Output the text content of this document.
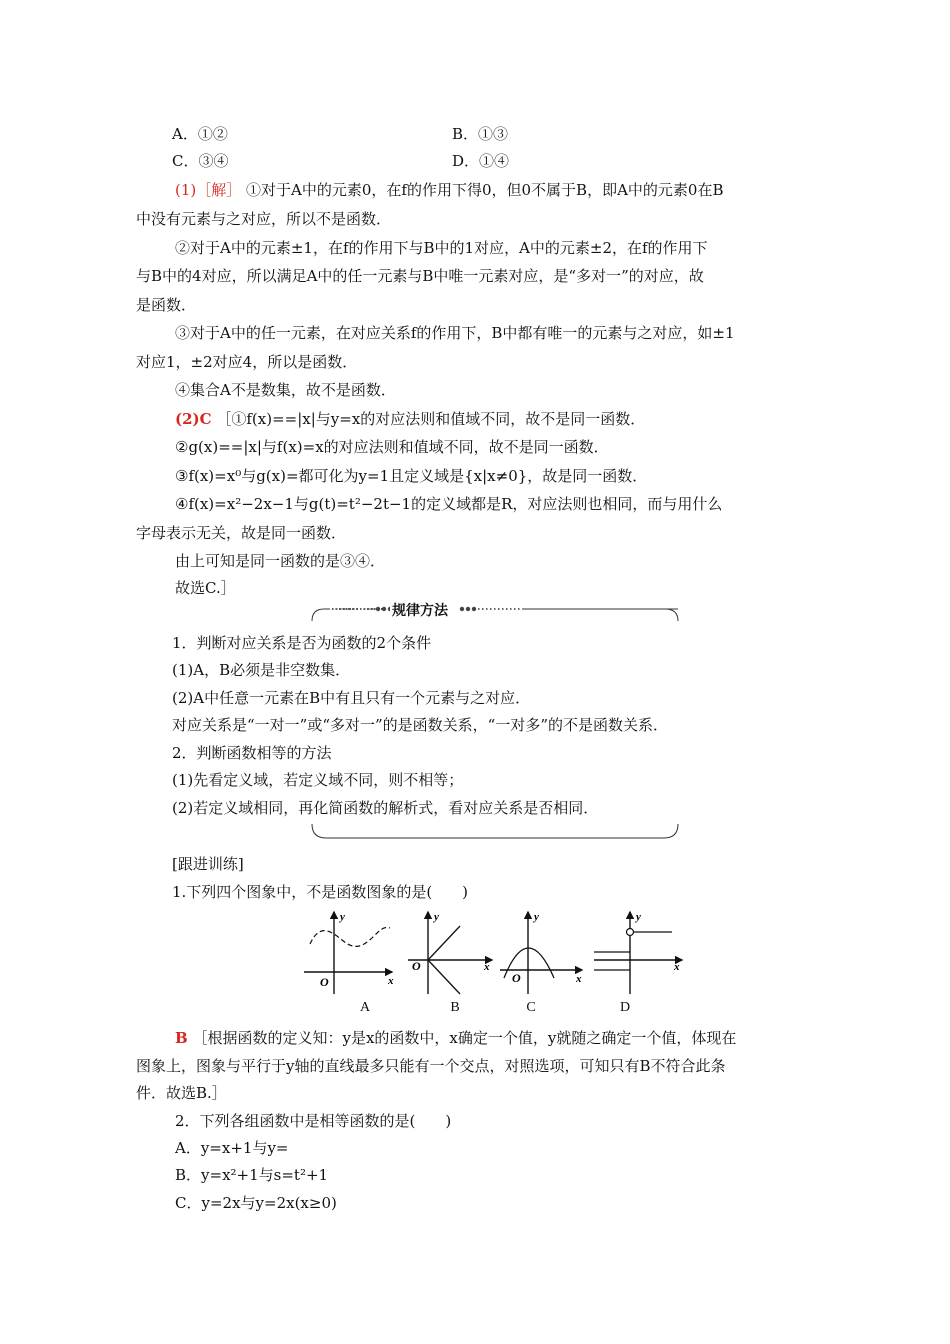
A．①②	B．①③
C．③④	D．①④
(1)［解］ ①对于A中的元素0，在f的作用下得0，但0不属于B，即A中的元素0在B
中没有元素与之对应，所以不是函数．
②对于A中的元素±1，在f的作用下与B中的1对应，A中的元素±2，在f的作用下
与B中的4对应，所以满足A中的任一元素与B中唯一元素对应，是“多对一”的对应，故
是函数．
③对于A中的任一元素，在对应关系f的作用下，B中都有唯一的元素与之对应，如±1
对应1，±2对应4，所以是函数．
④集合A不是数集，故不是函数．
(2)C ［①f(x)==|x|与y=x的对应法则和值域不同，故不是同一函数．
②g(x)==|x|与f(x)=x的对应法则和值域不同，故不是同一函数．
③f(x)=x⁰与g(x)=都可化为y=1且定义域是{x|x≠0}，故是同一函数．
④f(x)=x²−2x−1与g(t)=t²−2t−1的定义域都是R，对应法则也相同，而与用什么
字母表示无关，故是同一函数．
由上可知是同一函数的是③④．
故选C.］
规律方法
1．判断对应关系是否为函数的2个条件
(1)A，B必须是非空数集．
(2)A中任意一元素在B中有且只有一个元素与之对应．
对应关系是“一对一”或“多对一”的是函数关系，“一对多”的不是函数关系．
2．判断函数相等的方法
(1)先看定义域，若定义域不同，则不相等；
(2)若定义域相同，再化简函数的解析式，看对应关系是否相同．
[跟进训练]
1.下列四个图象中，不是函数图象的是(　　)
y
x
O
y
x
O
y
x
O
y
x
A	B	C	D
B ［根据函数的定义知：y是x的函数中，x确定一个值，y就随之确定一个值，体现在
图象上，图象与平行于y轴的直线最多只能有一个交点，对照选项，可知只有B不符合此条
件．故选B.］
2．下列各组函数中是相等函数的是(　　)
A．y=x+1与y=
B．y=x²+1与s=t²+1
C．y=2x与y=2x(x≥0)
